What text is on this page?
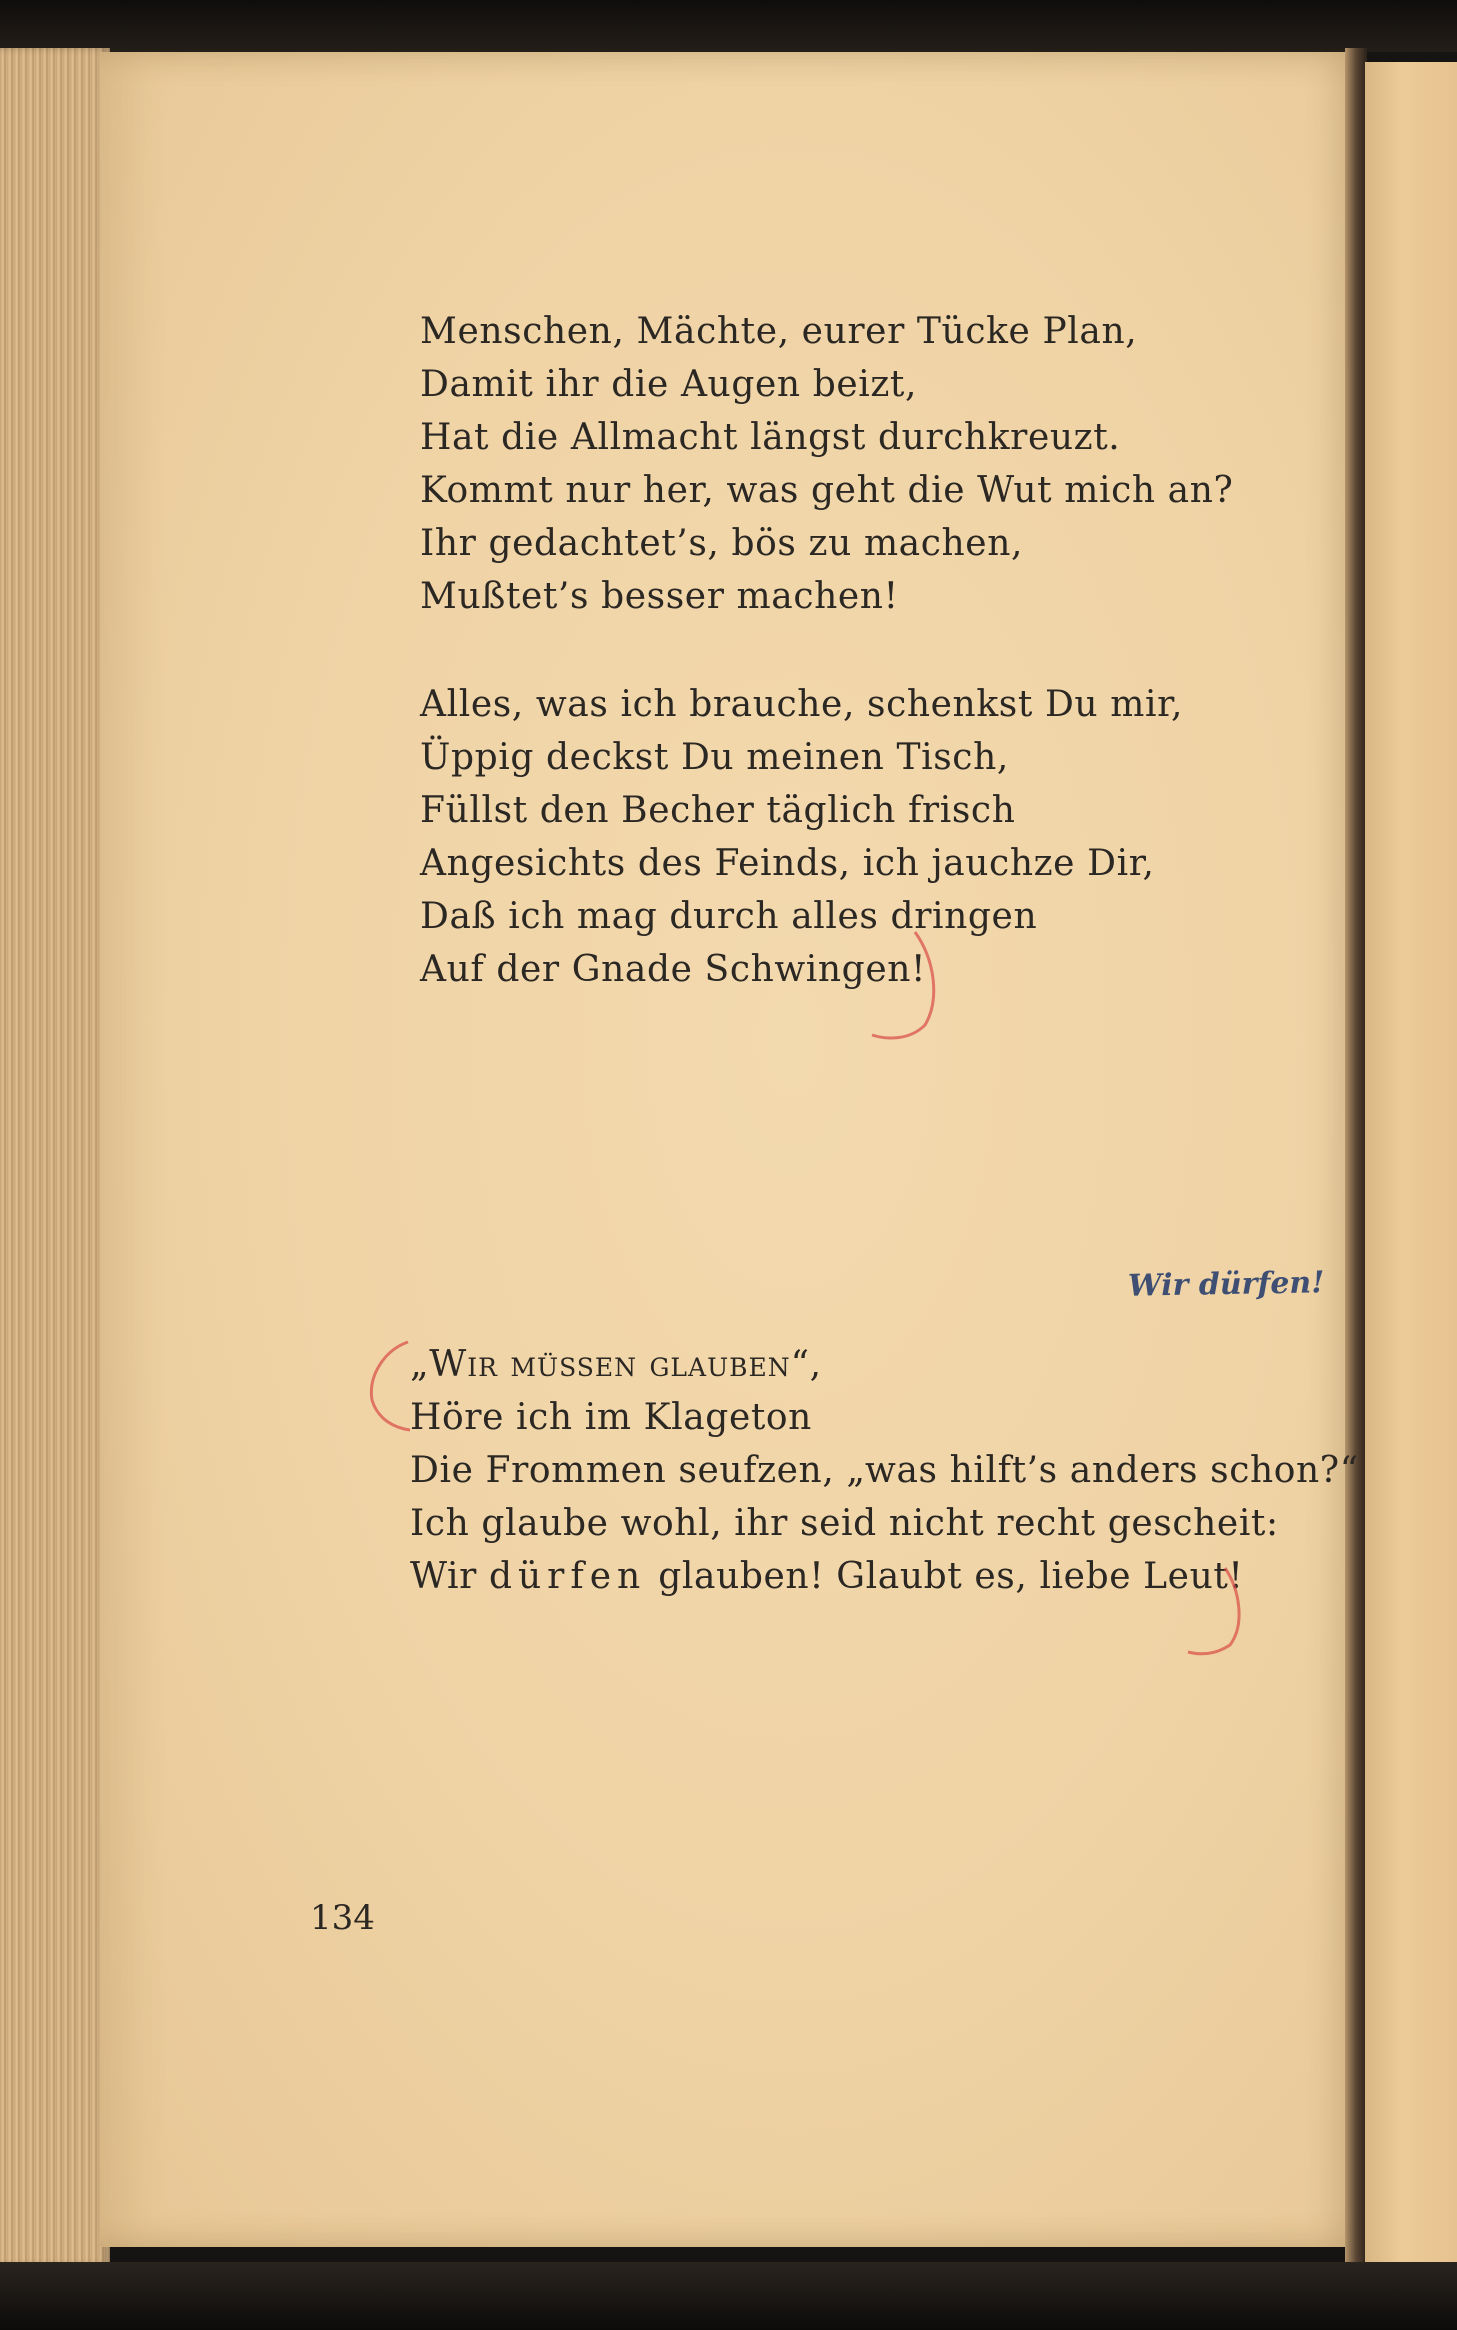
Menschen, Mächte, eurer Tücke Plan,
Damit ihr die Augen beizt,
Hat die Allmacht längst durchkreuzt.
Kommt nur her, was geht die Wut mich an?
Ihr gedachtet’s, bös zu machen,
Mußtet’s besser machen!
Alles, was ich brauche, schenkst Du mir,
Üppig deckst Du meinen Tisch,
Füllst den Becher täglich frisch
Angesichts des Feinds, ich jauchze Dir,
Daß ich mag durch alles dringen
Auf der Gnade Schwingen!
Wir dürfen!
„Wir müssen glauben“,
Höre ich im Klageton
Die Frommen seufzen, „was hilft’s anders schon?“
Ich glaube wohl, ihr seid nicht recht gescheit:
Wir dürfen glauben! Glaubt es, liebe Leut!
134
